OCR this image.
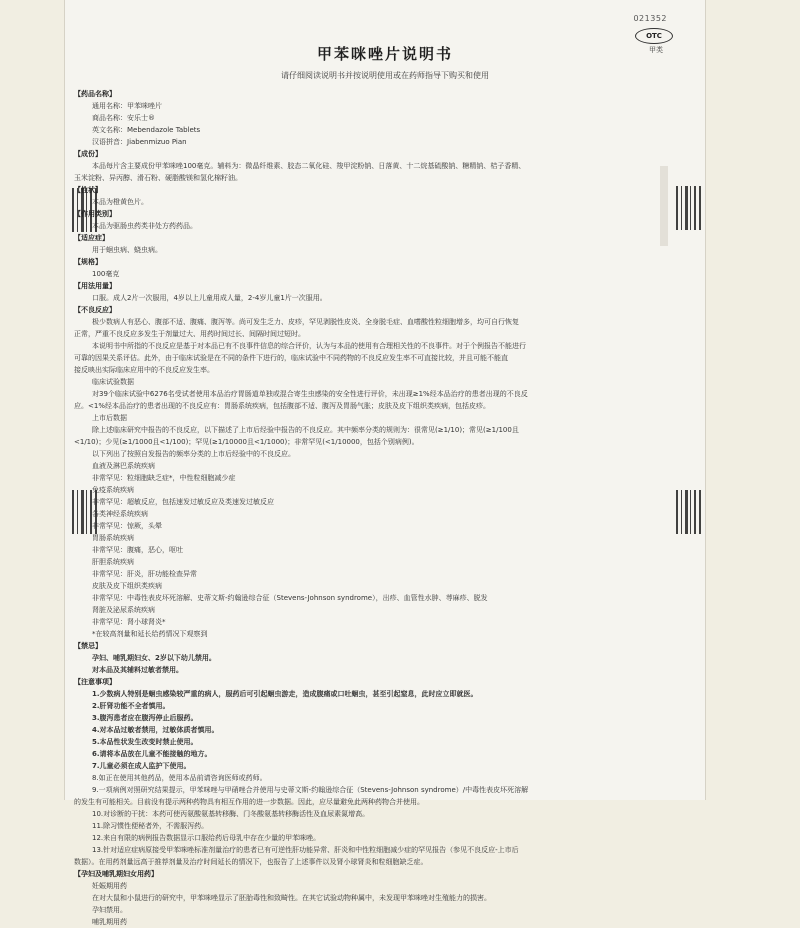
021352
OTC
甲类
甲苯咪唑片说明书
请仔细阅读说明书并按说明使用或在药师指导下购买和使用
【药品名称】
通用名称：甲苯咪唑片
商品名称：安乐士®
英文名称：Mebendazole Tablets
汉语拼音：Jiabenmizuo Pian
【成份】
本品每片含主要成份甲苯咪唑100毫克。辅料为：微晶纤维素、胶态二氧化硅、羧甲淀粉钠、日落黄、十二烷基硫酸钠、糖精钠、桔子香精、
玉米淀粉、异丙醇、滑石粉、硬脂酸镁和氢化棉籽油。
【性状】
本品为橙黄色片。
【作用类别】
本品为驱肠虫药类非处方药药品。
【适应症】
用于蛔虫病、蛲虫病。
【规格】
100毫克
【用法用量】
口服。成人2片一次服用，4岁以上儿童用成人量，2-4岁儿童1片一次服用。
【不良反应】
极少数病人有恶心、腹部不适、腹痛、腹泻等。尚可发生乏力、皮疹，罕见剥脱性皮炎、全身脱毛症、血嗜酸性粒细胞增多，均可自行恢复
正常，严重不良反应多发生于剂量过大、用药时间过长、间隔时间过短时。
本说明书中所指的不良反应是基于对本品已有不良事件信息的综合评价，认为与本品的使用有合理相关性的不良事件。对于个例报告不能进行
可靠的因果关系评估。此外，由于临床试验是在不同的条件下进行的，临床试验中不同药物的不良反应发生率不可直接比较，并且可能不能直
接反映出实际临床应用中的不良反应发生率。
临床试验数据
对39个临床试验中6276名受试者使用本品治疗胃肠道单独或混合寄生虫感染的安全性进行评价，未出现≥1%经本品治疗的患者出现的不良反
应。<1%经本品治疗的患者出现的不良反应有：胃肠系统疾病，包括腹部不适、腹泻及胃肠气胀；皮肤及皮下组织类疾病，包括皮疹。
上市后数据
除上述临床研究中报告的不良反应，以下描述了上市后经验中报告的不良反应。其中频率分类的规则为：很常见(≥1/10)；常见(≥1/100且
<1/10)；少见(≥1/1000且<1/100)；罕见(≥1/10000且<1/1000)；非常罕见(<1/10000，包括个别病例)。
以下列出了按照自发报告的频率分类的上市后经验中的不良反应。
血液及淋巴系统疾病
非常罕见：粒细胞缺乏症*，中性粒细胞减少症
免疫系统疾病
非常罕见：超敏反应，包括速发过敏反应及类速发过敏反应
各类神经系统疾病
非常罕见：惊厥，头晕
胃肠系统疾病
非常罕见：腹痛，恶心，呕吐
肝胆系统疾病
非常罕见：肝炎，肝功能检查异常
皮肤及皮下组织类疾病
非常罕见：中毒性表皮坏死溶解、史蒂文斯-约翰逊综合征（Stevens-Johnson syndrome），出疹、血管性水肿、荨麻疹、脱发
肾脏及泌尿系统疾病
非常罕见：肾小球肾炎*
*在较高剂量和延长给药情况下观察到
【禁忌】
孕妇、哺乳期妇女、2岁以下幼儿禁用。
对本品及其辅料过敏者禁用。
【注意事项】
1.少数病人特别是蛔虫感染较严重的病人，服药后可引起蛔虫游走，造成腹痛或口吐蛔虫，甚至引起窒息，此时应立即就医。
2.肝肾功能不全者慎用。
3.腹泻患者应在腹泻停止后服药。
4.对本品过敏者禁用，过敏体质者慎用。
5.本品性状发生改变时禁止使用。
6.请将本品放在儿童不能接触的地方。
7.儿童必须在成人监护下使用。
8.如正在使用其他药品，使用本品前请咨询医师或药师。
9.一项病例对照研究结果提示，甲苯咪唑与甲硝唑合并使用与史蒂文斯-约翰逊综合征（Stevens-Johnson syndrome）/中毒性表皮坏死溶解
的发生有可能相关。目前没有提示两种药物具有相互作用的进一步数据。因此，应尽量避免此两种药物合并使用。
10.对诊断的干扰：本药可使丙氨酸氨基转移酶、门冬酸氨基转移酶活性及血尿素氮增高。
11.除习惯性便秘者外，不需服泻药。
12.来自有限的病例报告数据显示口服给药后母乳中存在少量的甲苯咪唑。
13.针对适应症病原接受甲苯咪唑标准剂量治疗的患者已有可逆性肝功能异常、肝炎和中性粒细胞减少症的罕见报告（参见不良反应-上市后
数据）。在用药剂量远高于推荐剂量及治疗时间延长的情况下，也报告了上述事件以及肾小球肾炎和粒细胞缺乏症。
【孕妇及哺乳期妇女用药】
妊娠期用药
在对大鼠和小鼠进行的研究中，甲苯咪唑显示了胚胎毒性和致畸性。在其它试验动物种属中，未发现甲苯咪唑对生殖能力的损害。
孕妇禁用。
哺乳期用药
